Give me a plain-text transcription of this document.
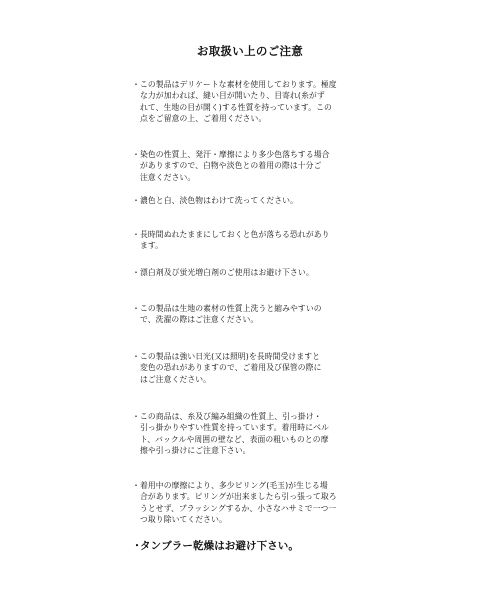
お取扱い上のご注意
・ この製品はデリケートな素材を使用しております。極度
な力が加われば、縫い目が開いたり、目寄れ(糸がず
れて、生地の目が開く)する性質を持っています。この
点をご留意の上、ご着用ください。
・ 染色の性質上、発汗・摩擦により多少色落ちする場合
がありますので、白物や淡色との着用の際は十分ご
注意ください。
・ 濃色と白、淡色物はわけて洗ってください。
・ 長時間ぬれたままにしておくと色が落ちる恐れがあり
ます。
・ 漂白剤及び蛍光増白剤のご使用はお避け下さい。
・ この製品は生地の素材の性質上洗うと縮みやすいの
で、洗濯の際はご注意ください。
・ この製品は強い日光(又は照明)を長時間受けますと
変色の恐れがありますので、ご着用及び保管の際に
はご注意ください。
・ この商品は、糸及び編み組織の性質上、引っ掛け・
引っ掛かりやすい性質を持っています。着用時にベル
ト、バックルや周囲の壁など、表面の粗いものとの摩
擦や引っ掛けにご注意下さい。
・ 着用中の摩擦により、多少ピリング(毛玉)が生じる場
合があります。ピリングが出来ましたら引っ張って取ろ
うとせず、ブラッシングするか、小さなハサミで一つ一
つ取り除いてください。
・
タンブラー乾燥はお避け下さい。
